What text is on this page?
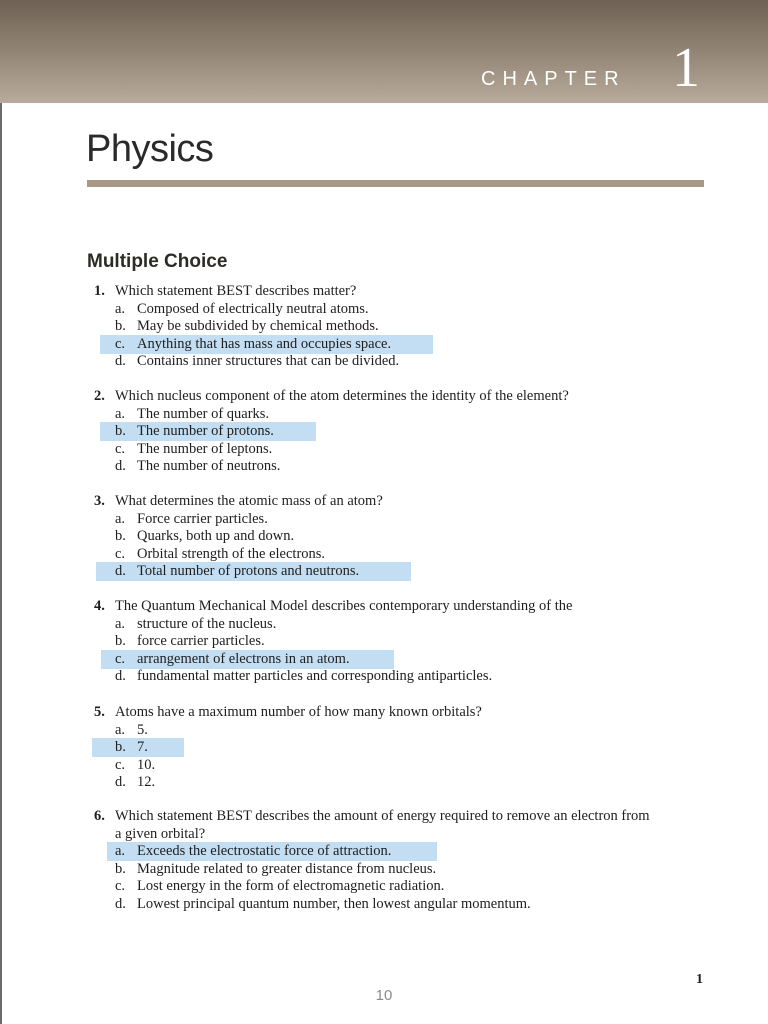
CHAPTER 1
Physics
Multiple Choice
1. Which statement BEST describes matter?
a. Composed of electrically neutral atoms.
b. May be subdivided by chemical methods.
c. Anything that has mass and occupies space.
d. Contains inner structures that can be divided.
2. Which nucleus component of the atom determines the identity of the element?
a. The number of quarks.
b. The number of protons.
c. The number of leptons.
d. The number of neutrons.
3. What determines the atomic mass of an atom?
a. Force carrier particles.
b. Quarks, both up and down.
c. Orbital strength of the electrons.
d. Total number of protons and neutrons.
4. The Quantum Mechanical Model describes contemporary understanding of the
a. structure of the nucleus.
b. force carrier particles.
c. arrangement of electrons in an atom.
d. fundamental matter particles and corresponding antiparticles.
5. Atoms have a maximum number of how many known orbitals?
a. 5.
b. 7.
c. 10.
d. 12.
6. Which statement BEST describes the amount of energy required to remove an electron from
a given orbital?
a. Exceeds the electrostatic force of attraction.
b. Magnitude related to greater distance from nucleus.
c. Lost energy in the form of electromagnetic radiation.
d. Lowest principal quantum number, then lowest angular momentum.
1
10
